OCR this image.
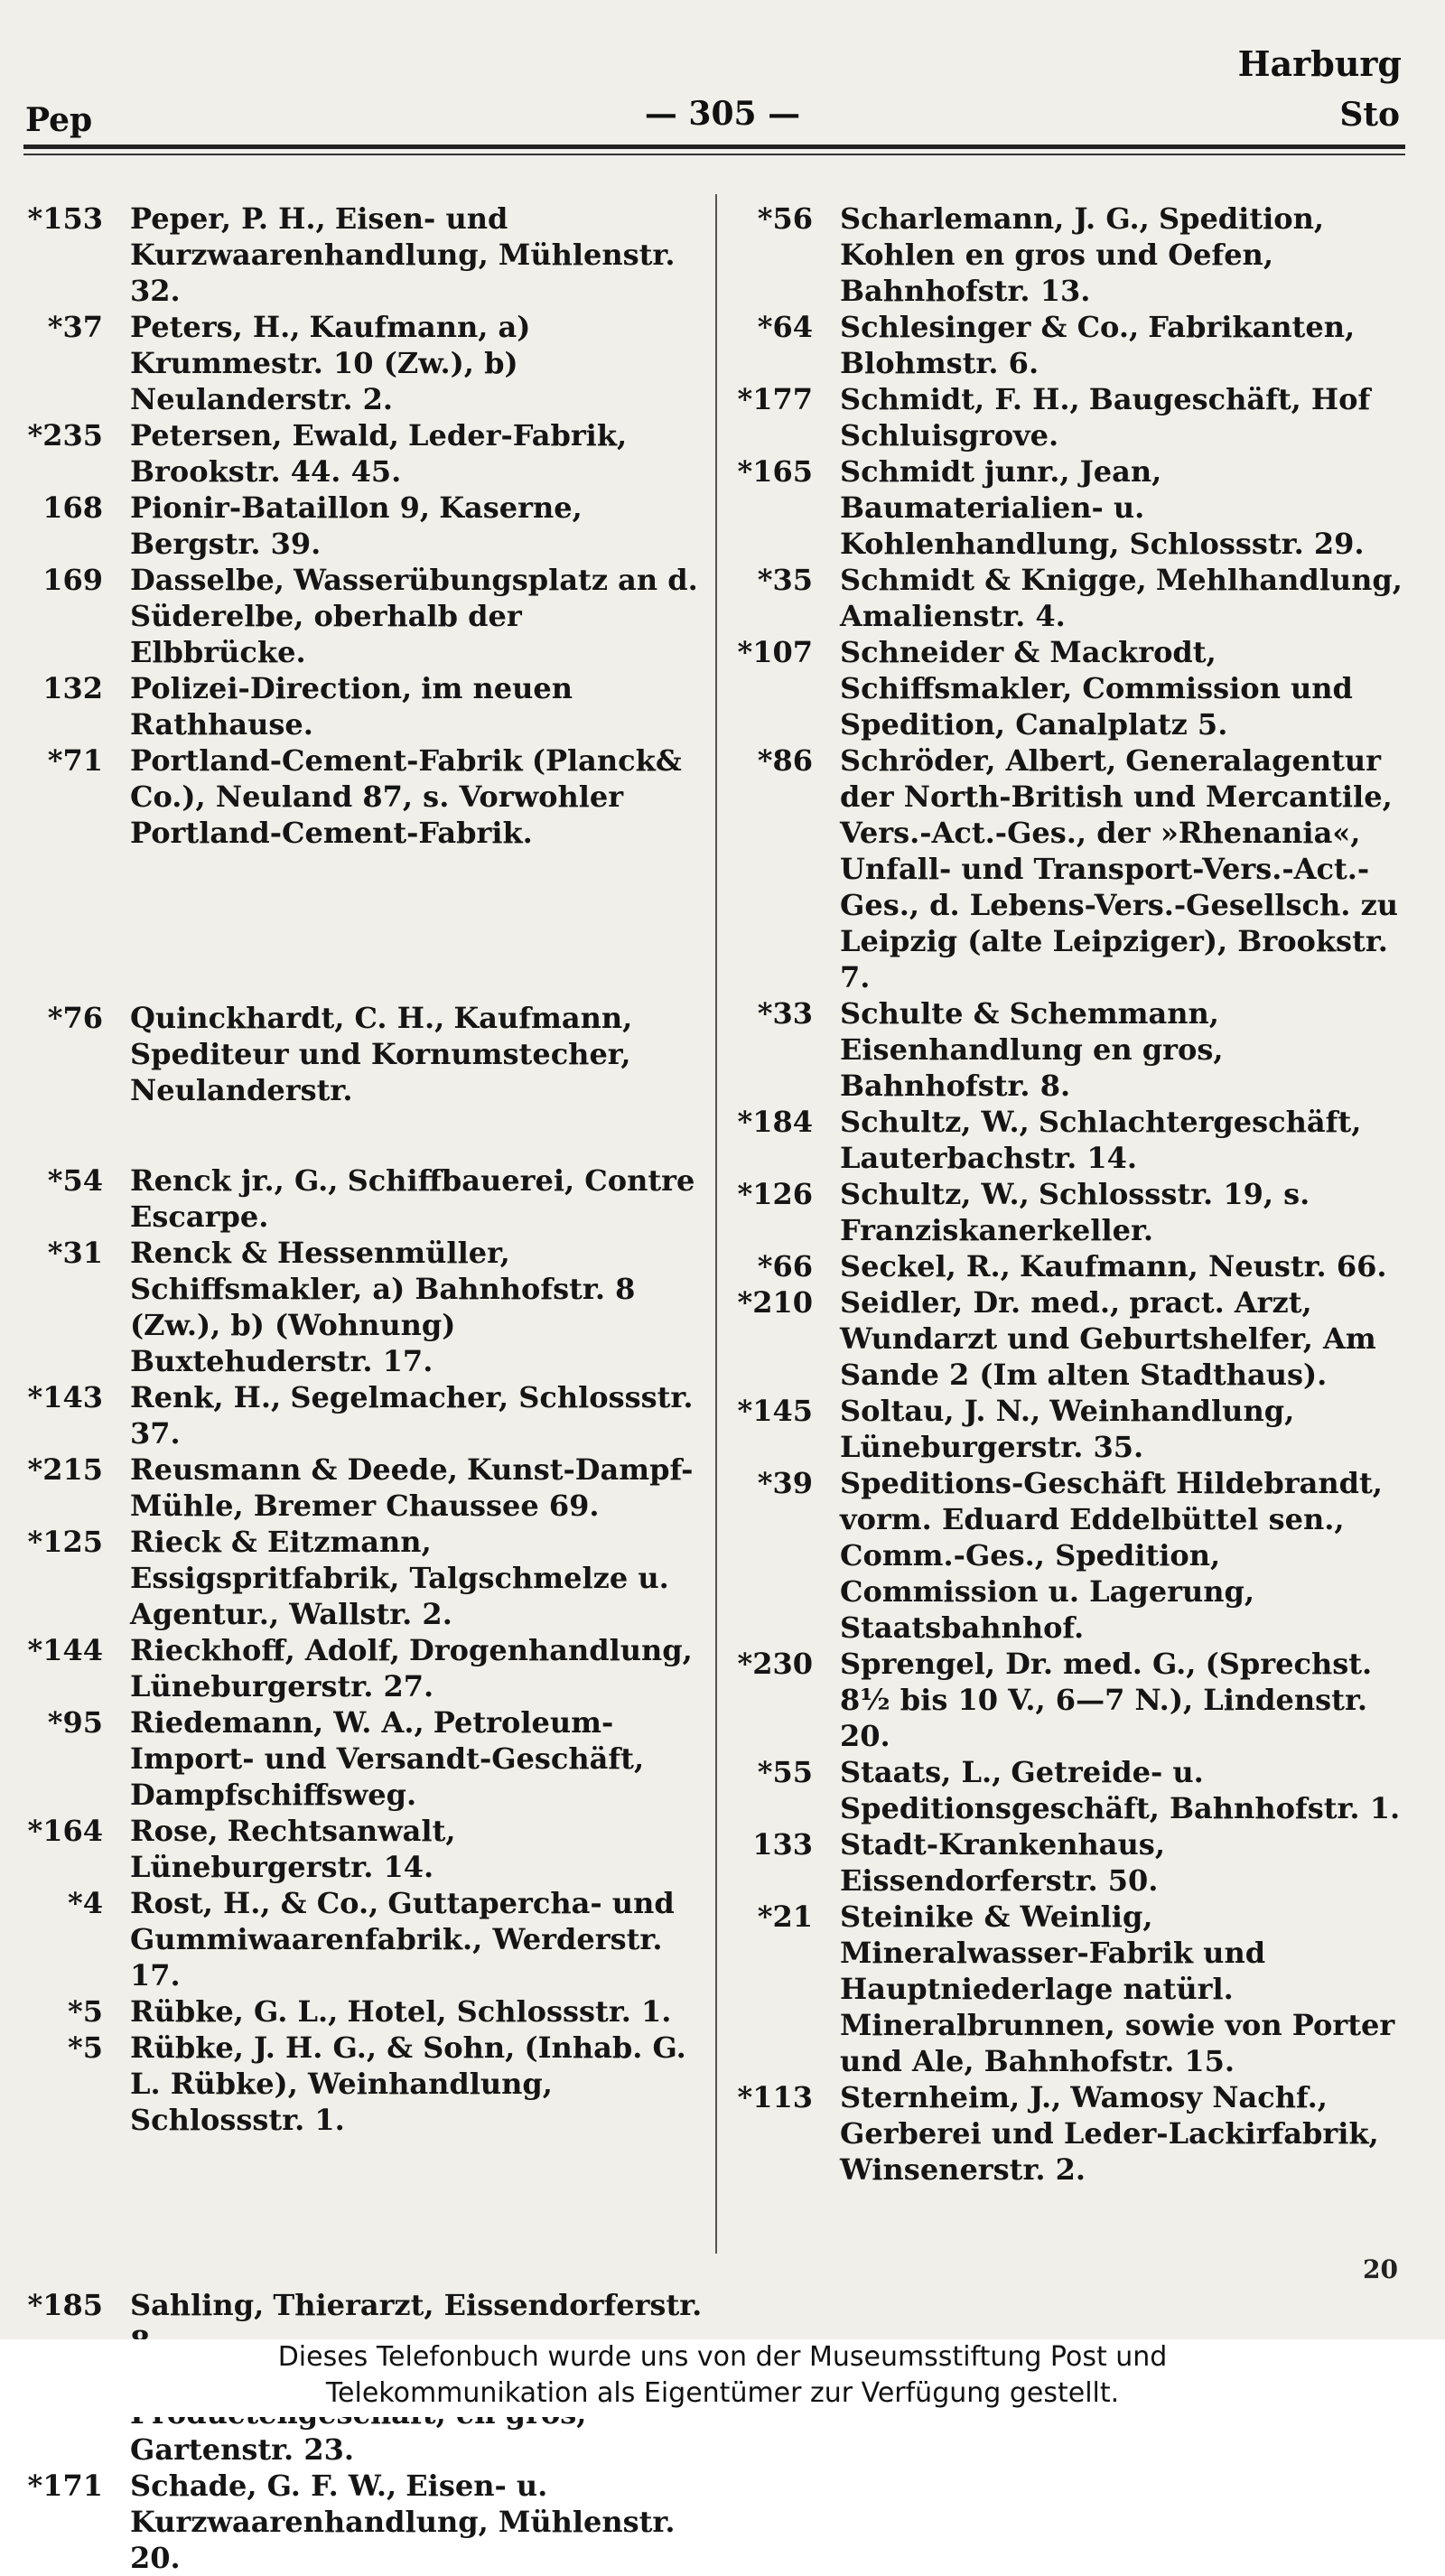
Harburg
Pep	— 305 —	Sto
*153 Peper, P. H., Eisen- und Kurzwaarenhandlung, Mühlenstr. 32.
*37 Peters, H., Kaufmann, a) Krummestr. 10 (Zw.), b) Neulanderstr. 2.
*235 Petersen, Ewald, Leder-Fabrik, Brookstr. 44. 45.
168 Pionir-Bataillon 9, Kaserne, Bergstr. 39.
169 Dasselbe, Wasserübungsplatz an d. Süderelbe, oberhalb der Elbbrücke.
132 Polizei-Direction, im neuen Rathhause.
*71 Portland-Cement-Fabrik (Planck& Co.), Neuland 87, s. Vorwohler Portland-Cement-Fabrik.
*76 Quinckhardt, C. H., Kaufmann, Spediteur und Kornumstecher, Neulanderstr.
*54 Renck jr., G., Schiffbauerei, Contre Escarpe.
*31 Renck & Hessenmüller, Schiffsmakler, a) Bahnhofstr. 8 (Zw.), b) (Wohnung) Buxtehuderstr. 17.
*143 Renk, H., Segelmacher, Schlossstr. 37.
*215 Reusmann & Deede, Kunst-Dampf-Mühle, Bremer Chaussee 69.
*125 Rieck & Eitzmann, Essigspritfabrik, Talgschmelze u. Agentur., Wallstr. 2.
*144 Rieckhoff, Adolf, Drogenhandlung, Lüneburgerstr. 27.
*95 Riedemann, W. A., Petroleum-Import- und Versandt-Geschäft, Dampfschiffsweg.
*164 Rose, Rechtsanwalt, Lüneburgerstr. 14.
*4 Rost, H., & Co., Guttapercha- und Gummiwaarenfabrik., Werderstr. 17.
*5 Rübke, G. L., Hotel, Schlossstr. 1.
*5 Rübke, J. H. G., & Sohn, (Inhab. G. L. Rübke), Weinhandlung, Schlossstr. 1.
*185 Sahling, Thierarzt, Eissendorferstr.
Gartenstr. 23.
*171 Schade, G. F. W., Eisen- u. Kurzwaarenhandlung, Mühlenstr. 20.
*56 Scharlemann, J. G., Spedition, Kohlen en gros und Oefen, Bahnhofstr. 13.
*64 Schlesinger & Co., Fabrikanten, Blohmstr. 6.
*177 Schmidt, F. H., Baugeschäft, Hof Schluisgrove.
*165 Schmidt junr., Jean, Baumaterialien- u. Kohlenhandlung, Schlossstr. 29.
*35 Schmidt & Knigge, Mehlhandlung, Amalienstr. 4.
*107 Schneider & Mackrodt, Schiffsmakler, Commission und Spedition, Canalplatz 5.
*86 Schröder, Albert, Generalagentur der North-British und Mercantile, Vers.-Act.-Ges., der »Rhenania«, Unfall- und Transport-Vers.-Act.-Ges., d. Lebens-Vers.-Gesellsch. zu Leipzig (alte Leipziger), Brookstr. 7.
*33 Schulte & Schemmann, Eisenhandlung en gros, Bahnhofstr. 8.
*184 Schultz, W., Schlachtergeschäft, Lauterbachstr. 14.
*126 Schultz, W., Schlossstr. 19, s. Franziskanerkeller.
*66 Seckel, R., Kaufmann, Neustr. 66.
*210 Seidler, Dr. med., pract. Arzt, Wundarzt und Geburtshelfer, Am Sande 2 (Im alten Stadthaus).
*145 Soltau, J. N., Weinhandlung, Lüneburgerstr. 35.
*39 Speditions-Geschäft Hildebrandt, vorm. Eduard Eddelbüttel sen., Comm.-Ges., Spedition, Commission u. Lagerung, Staatsbahnhof.
*230 Sprengel, Dr. med. G., (Sprechst. 8½ bis 10 V., 6—7 N.), Lindenstr. 20.
*55 Staats, L., Getreide- u. Speditionsgeschäft, Bahnhofstr. 1.
133 Stadt-Krankenhaus, Eissendorferstr. 50.
*21 Steinike & Weinlig, Mineralwasser-Fabrik und Hauptniederlage natürl. Mineralbrunnen, sowie von Porter und Ale, Bahnhofstr. 15.
*113 Sternheim, J., Wamosy Nachf., Gerberei und Leder-Lackirfabrik, Winsenerstr. 2.
20
Dieses Telefonbuch wurde uns von der Museumsstiftung Post und
Telekommunikation als Eigentümer zur Verfügung gestellt.
